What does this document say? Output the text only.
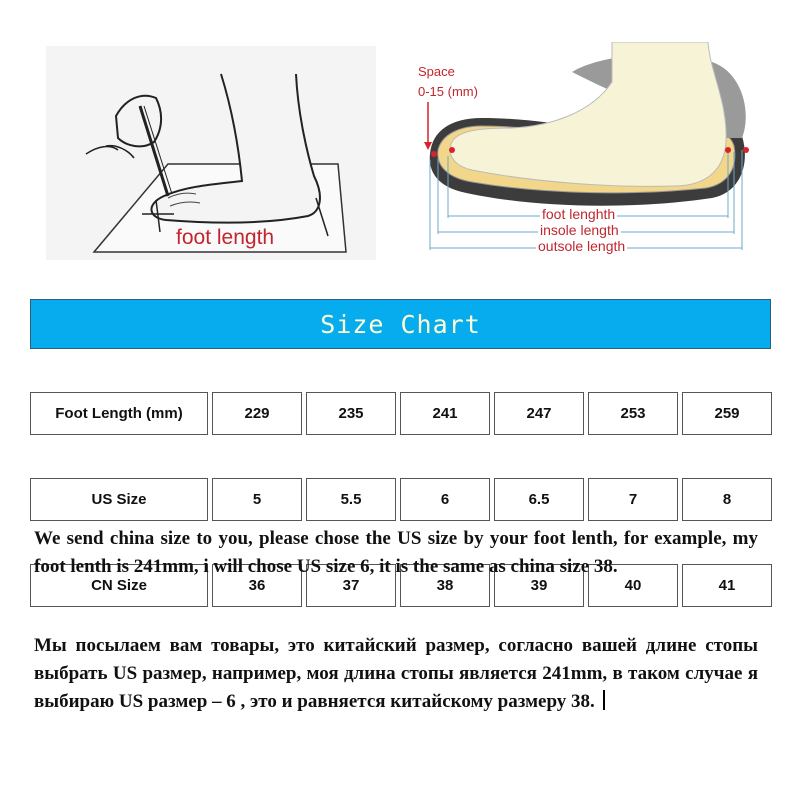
foot length
Space
0-15 (mm)
foot lenghth
insole length
outsole length
Size Chart

Foot Length (mm)		229		235		241		247		253		259

US Size		5		5.5		6		6.5		7		8

CN Size		36		37		38		39		40		41
We send china size to you, please chose the US size by your foot lenth, for example, my foot lenth is 241mm, i will chose US size 6, it is the same as china size 38.
Мы посылаем вам товары, это китайский размер, согласно вашей длине стопы выбрать US размер, например, моя длина стопы является 241mm, в таком случае я выбираю US размер – 6 , это и равняется китайскому размеру 38.
